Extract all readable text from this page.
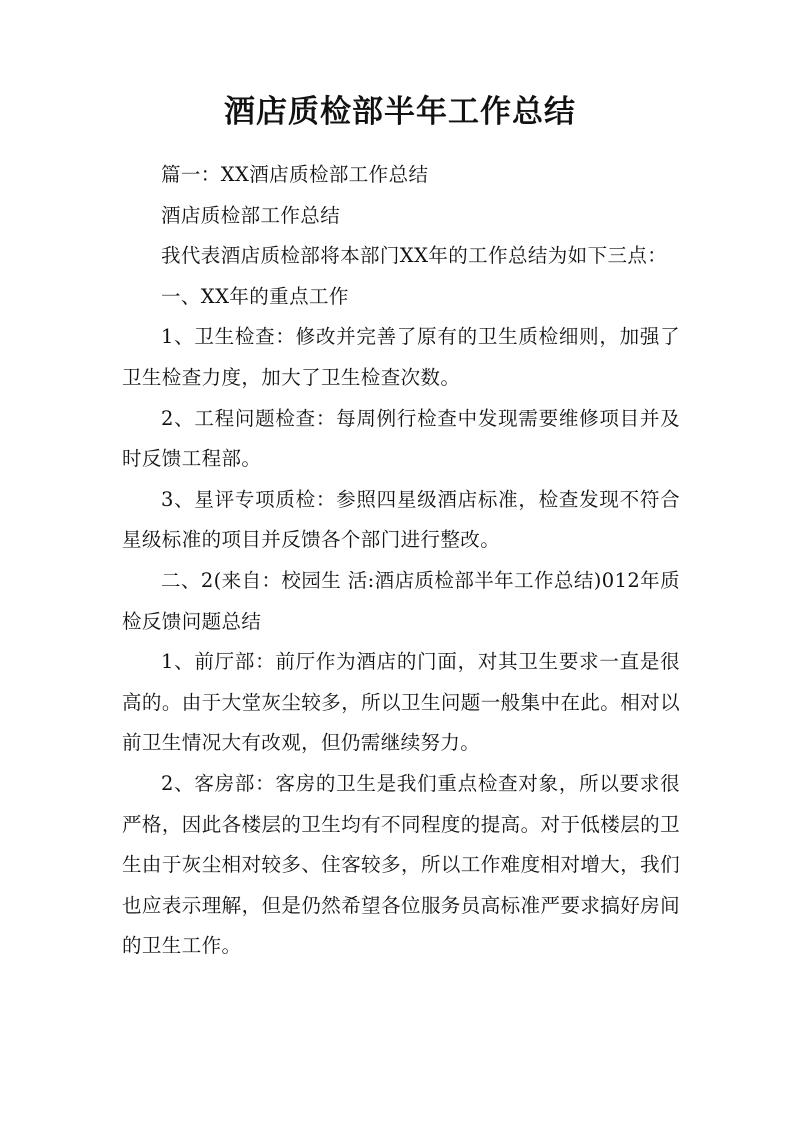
酒店质检部半年工作总结

篇一：XX酒店质检部工作总结

酒店质检部工作总结

我代表酒店质检部将本部门XX年的工作总结为如下三点：

一、XX年的重点工作

1、卫生检查：修改并完善了原有的卫生质检细则，加强了卫生检查力度，加大了卫生检查次数。

2、工程问题检查：每周例行检查中发现需要维修项目并及时反馈工程部。

3、星评专项质检：参照四星级酒店标准，检查发现不符合星级标准的项目并反馈各个部门进行整改。

二、2(来自：校园生 活:酒店质检部半年工作总结)012年质检反馈问题总结

1、前厅部：前厅作为酒店的门面，对其卫生要求一直是很高的。由于大堂灰尘较多，所以卫生问题一般集中在此。相对以前卫生情况大有改观，但仍需继续努力。

2、客房部：客房的卫生是我们重点检查对象，所以要求很严格，因此各楼层的卫生均有不同程度的提高。对于低楼层的卫生由于灰尘相对较多、住客较多，所以工作难度相对增大，我们也应表示理解，但是仍然希望各位服务员高标准严要求搞好房间的卫生工作。
